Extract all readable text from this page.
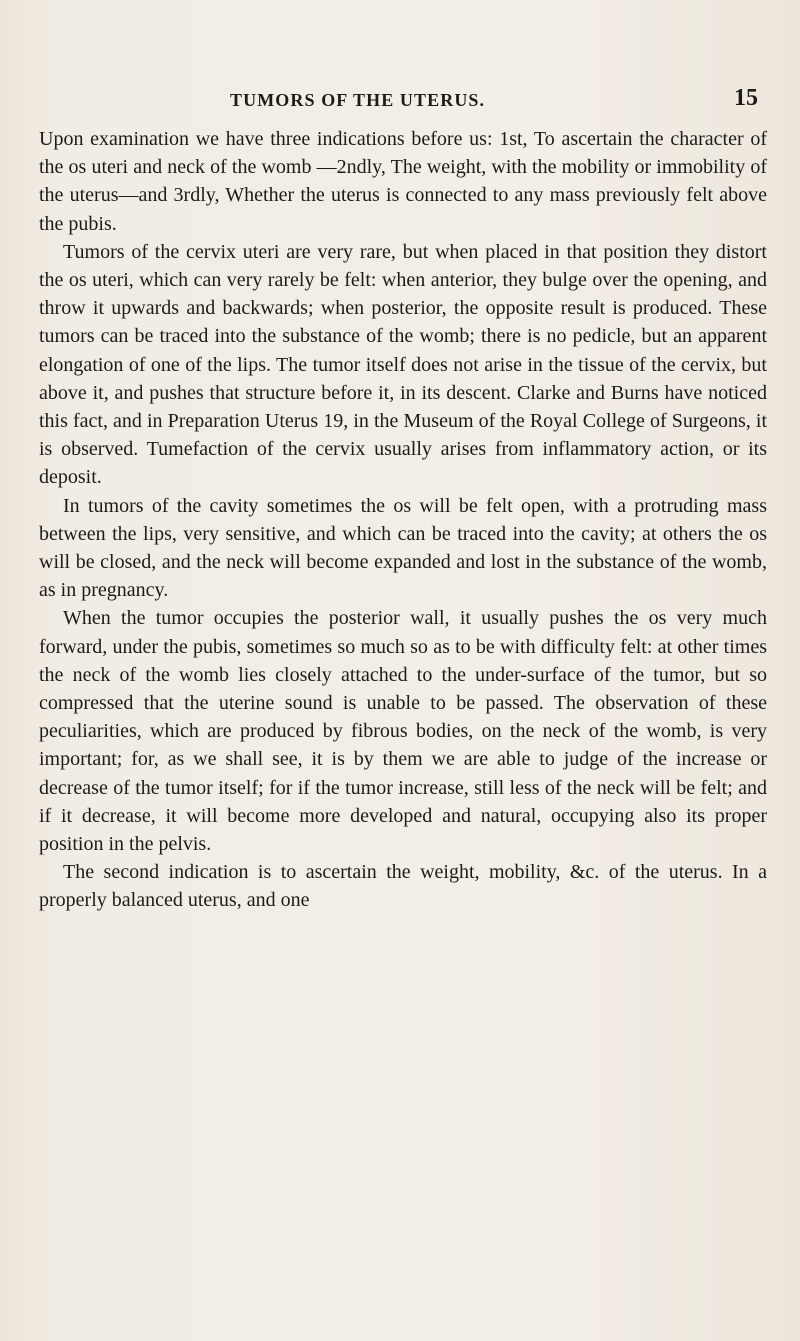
TUMORS OF THE UTERUS.	15

Upon examination we have three indications before us: 1st, To ascertain the character of the os uteri and neck of the womb —2ndly, The weight, with the mobility or immobility of the uterus—and 3rdly, Whether the uterus is connected to any mass previously felt above the pubis.

Tumors of the cervix uteri are very rare, but when placed in that position they distort the os uteri, which can very rarely be felt: when anterior, they bulge over the opening, and throw it upwards and backwards; when posterior, the opposite result is produced. These tumors can be traced into the substance of the womb; there is no pedicle, but an apparent elongation of one of the lips. The tumor itself does not arise in the tissue of the cervix, but above it, and pushes that structure before it, in its descent. Clarke and Burns have noticed this fact, and in Preparation Uterus 19, in the Museum of the Royal College of Surgeons, it is observed. Tumefaction of the cervix usually arises from inflammatory action, or its deposit.

In tumors of the cavity sometimes the os will be felt open, with a protruding mass between the lips, very sensitive, and which can be traced into the cavity; at others the os will be closed, and the neck will become expanded and lost in the substance of the womb, as in pregnancy.

When the tumor occupies the posterior wall, it usually pushes the os very much forward, under the pubis, sometimes so much so as to be with difficulty felt: at other times the neck of the womb lies closely attached to the under-surface of the tumor, but so compressed that the uterine sound is unable to be passed. The observation of these peculiarities, which are produced by fibrous bodies, on the neck of the womb, is very important; for, as we shall see, it is by them we are able to judge of the increase or decrease of the tumor itself; for if the tumor increase, still less of the neck will be felt; and if it decrease, it will become more developed and natural, occupying also its proper position in the pelvis.

The second indication is to ascertain the weight, mobility, &c. of the uterus. In a properly balanced uterus, and one
